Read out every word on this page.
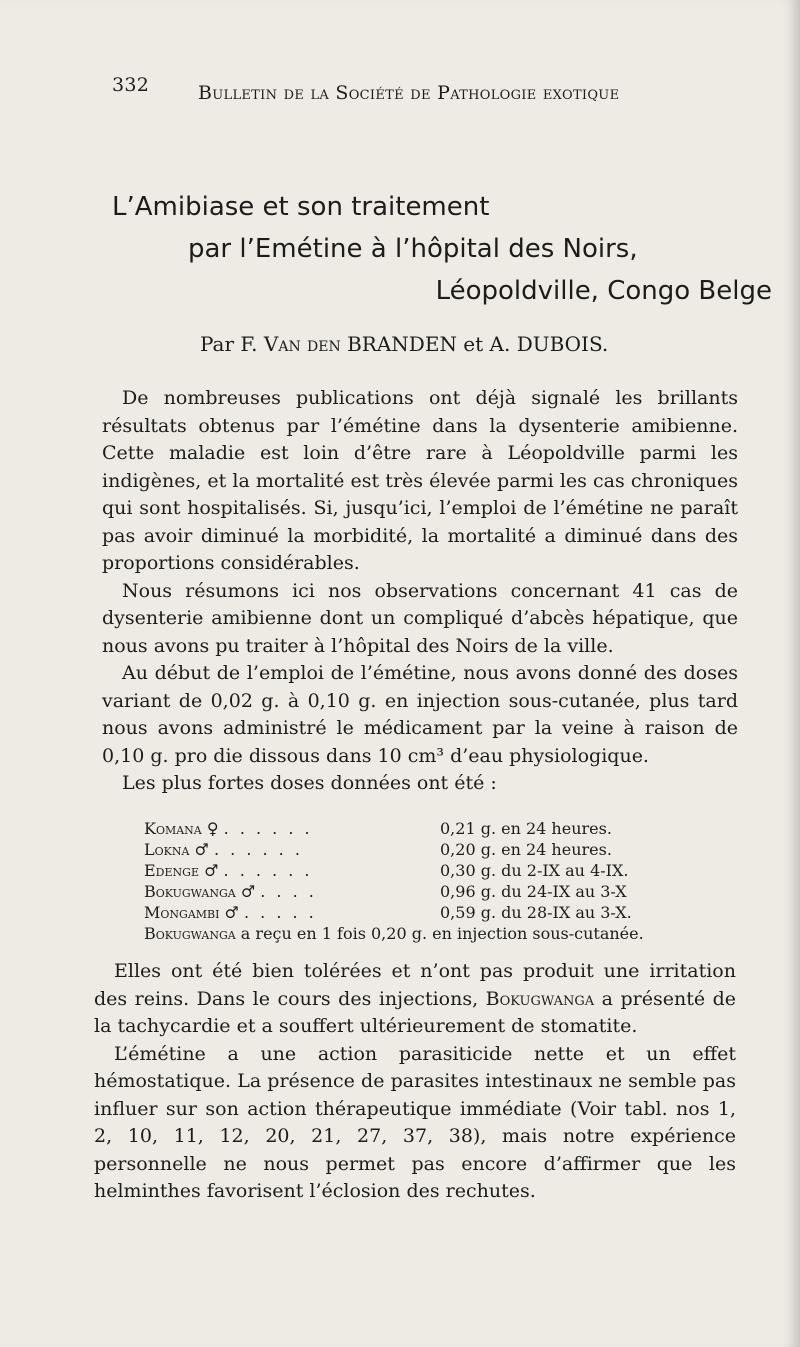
332	Bulletin de la Société de Pathologie exotique
L’Amibiase et son traitement
par l’Emétine à l’hôpital des Noirs,
Léopoldville, Congo Belge
Par F. Van den BRANDEN et A. DUBOIS.

De nombreuses publications ont déjà signalé les brillants résultats obtenus par l’émétine dans la dysenterie amibienne. Cette maladie est loin d’être rare à Léopoldville parmi les indigènes, et la mortalité est très élevée parmi les cas chroniques qui sont hospitalisés. Si, jusqu’ici, l’emploi de l’émétine ne paraît pas avoir diminué la morbidité, la mortalité a diminué dans des proportions considérables.

Nous résumons ici nos observations concernant 41 cas de dysenterie amibienne dont un compliqué d’abcès hépatique, que nous avons pu traiter à l’hôpital des Noirs de la ville.

Au début de l’emploi de l’émétine, nous avons donné des doses variant de 0,02 g. à 0,10 g. en injection sous-cutanée, plus tard nous avons administré le médicament par la veine à raison de 0,10 g. pro die dissous dans 10 cm³ d’eau physiologique.

Les plus fortes doses données ont été :

Komana ♀ . . . . . .	0,21 g. en 24 heures.
Lokna ♂ . . . . . .	0,20 g. en 24 heures.
Edenge ♂ . . . . . .	0,30 g. du 2-IX au 4-IX.
Bokugwanga ♂ . . . .	0,96 g. du 24-IX au 3-X
Mongambi ♂ . . . . .	0,59 g. du 28-IX au 3-X.
Bokugwanga a reçu en 1 fois 0,20 g. en injection sous-cutanée.

Elles ont été bien tolérées et n’ont pas produit une irritation des reins. Dans le cours des injections, Bokugwanga a présenté de la tachycardie et a souffert ultérieurement de stomatite.

L’émétine a une action parasiticide nette et un effet hémostatique. La présence de parasites intestinaux ne semble pas influer sur son action thérapeutique immédiate (Voir tabl. nos 1, 2, 10, 11, 12, 20, 21, 27, 37, 38), mais notre expérience personnelle ne nous permet pas encore d’affirmer que les helminthes favorisent l’éclosion des rechutes.
